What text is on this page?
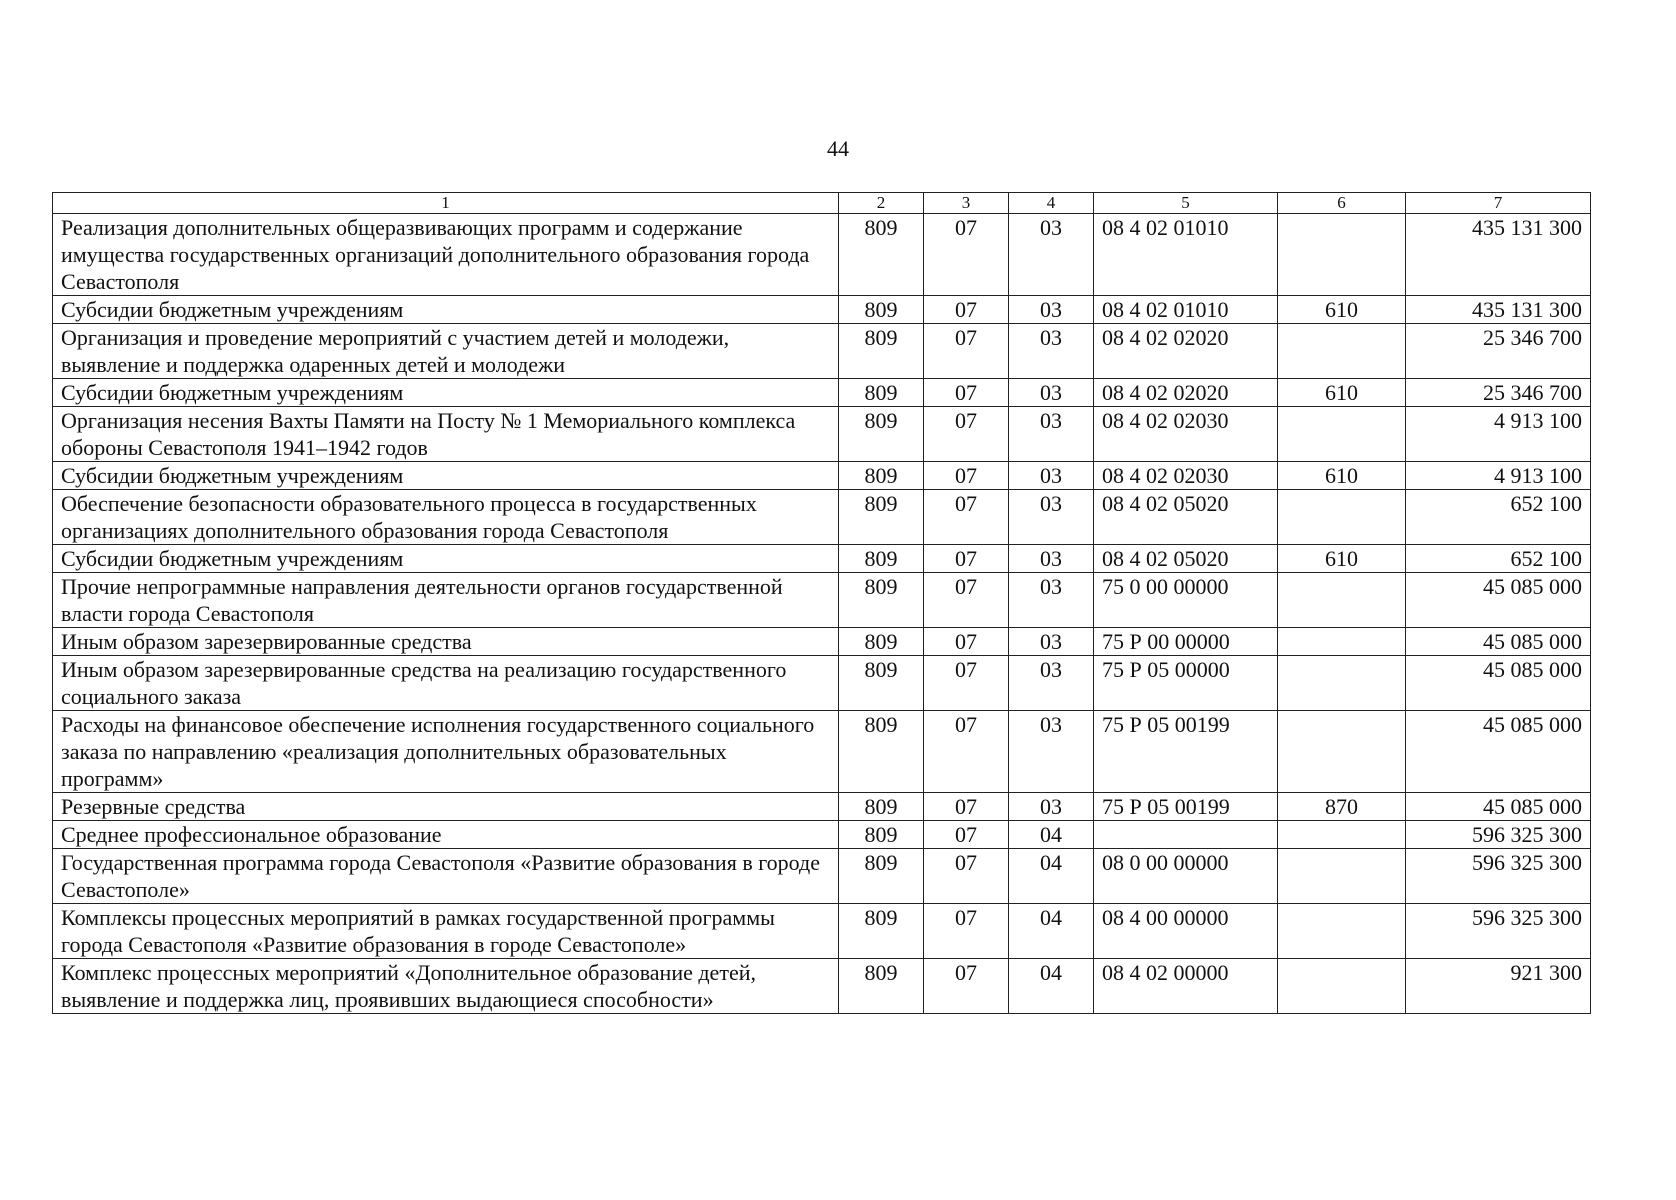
44
1	2	3	4	5	6	7
Реализация дополнительных общеразвивающих программ и содержание имущества государственных организаций дополнительного образования города Севастополя	809	07	03	08 4 02 01010		435 131 300
Субсидии бюджетным учреждениям	809	07	03	08 4 02 01010	610	435 131 300
Организация и проведение мероприятий с участием детей и молодежи, выявление и поддержка одаренных детей и молодежи	809	07	03	08 4 02 02020		25 346 700
Субсидии бюджетным учреждениям	809	07	03	08 4 02 02020	610	25 346 700
Организация несения Вахты Памяти на Посту № 1 Мемориального комплекса обороны Севастополя 1941–1942 годов	809	07	03	08 4 02 02030		4 913 100
Субсидии бюджетным учреждениям	809	07	03	08 4 02 02030	610	4 913 100
Обеспечение безопасности образовательного процесса в государственных организациях дополнительного образования города Севастополя	809	07	03	08 4 02 05020		652 100
Субсидии бюджетным учреждениям	809	07	03	08 4 02 05020	610	652 100
Прочие непрограммные направления деятельности органов государственной власти города Севастополя	809	07	03	75 0 00 00000		45 085 000
Иным образом зарезервированные средства	809	07	03	75 Р 00 00000		45 085 000
Иным образом зарезервированные средства на реализацию государственного социального заказа	809	07	03	75 Р 05 00000		45 085 000
Расходы на финансовое обеспечение исполнения государственного социального заказа по направлению «реализация дополнительных образовательных программ»	809	07	03	75 Р 05 00199		45 085 000
Резервные средства	809	07	03	75 Р 05 00199	870	45 085 000
Среднее профессиональное образование	809	07	04			596 325 300
Государственная программа города Севастополя «Развитие образования в городе Севастополе»	809	07	04	08 0 00 00000		596 325 300
Комплексы процессных мероприятий в рамках государственной программы города Севастополя «Развитие образования в городе Севастополе»	809	07	04	08 4 00 00000		596 325 300
Комплекс процессных мероприятий «Дополнительное образование детей, выявление и поддержка лиц, проявивших выдающиеся способности»	809	07	04	08 4 02 00000		921 300
